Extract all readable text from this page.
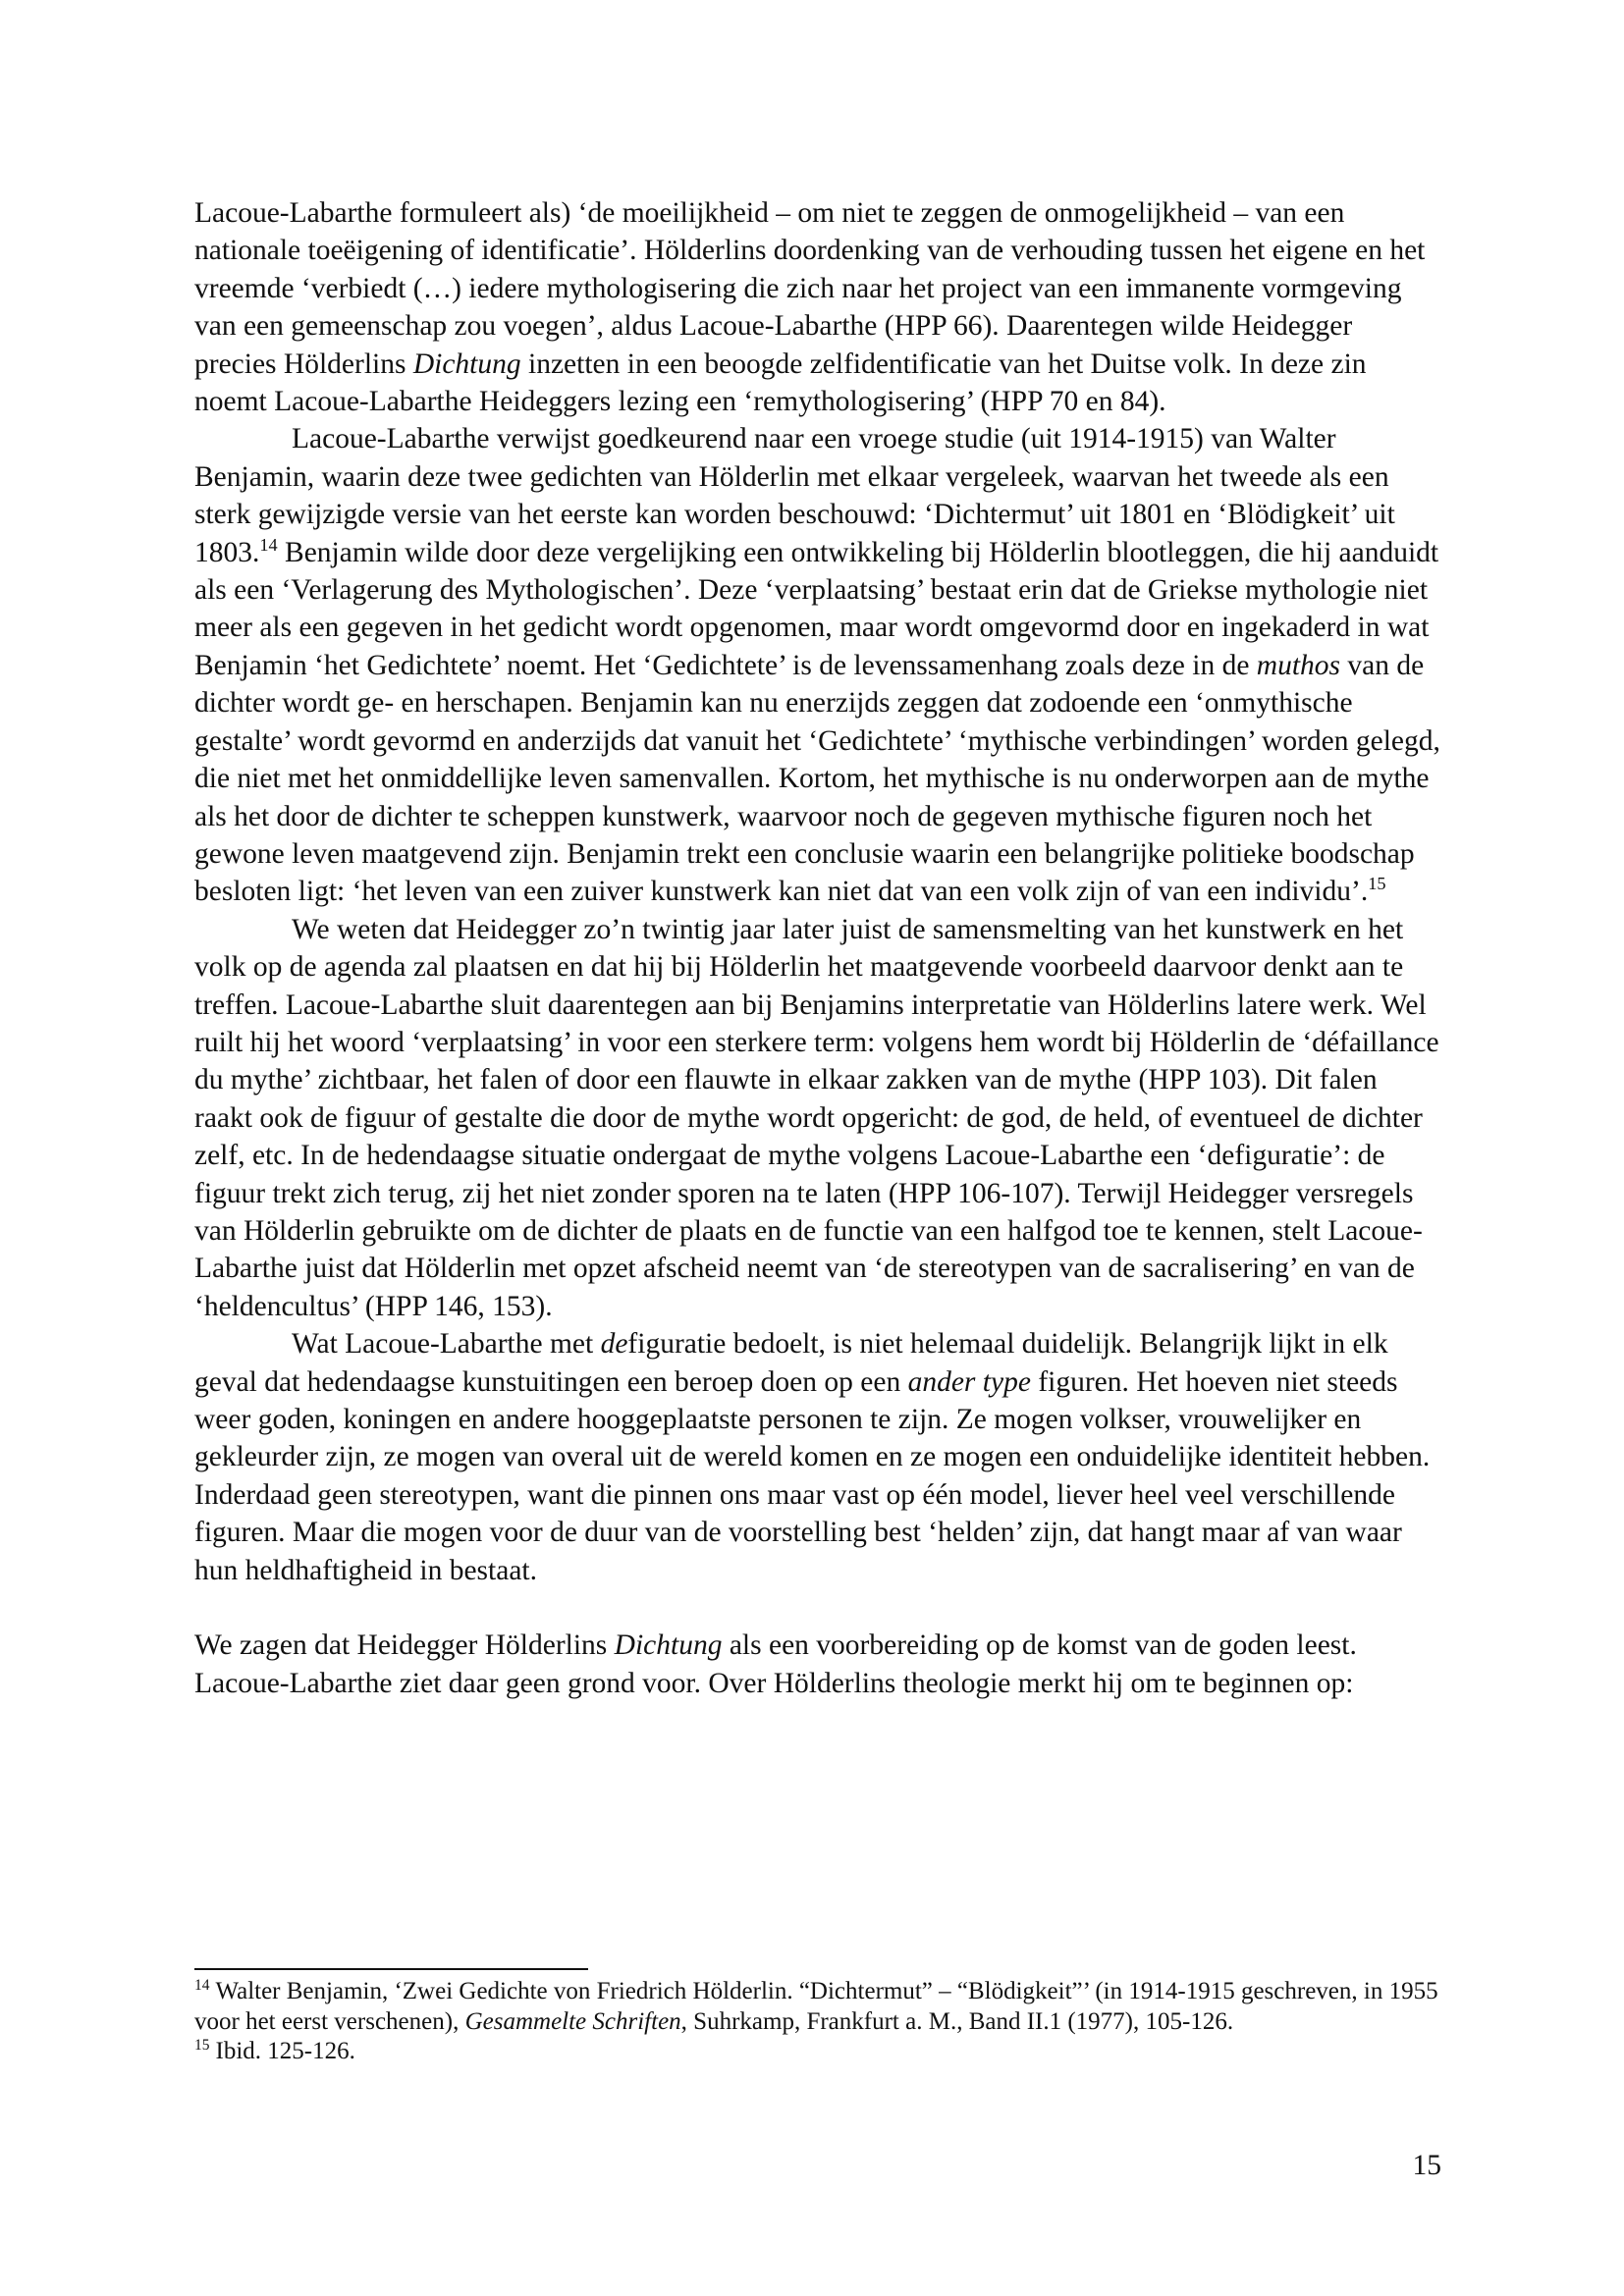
Lacoue-Labarthe formuleert als) ‘de moeilijkheid – om niet te zeggen de onmogelijkheid – van een nationale toeëigening of identificatie’. Hölderlins doordenking van de verhouding tussen het eigene en het vreemde ‘verbiedt (…) iedere mythologisering die zich naar het project van een immanente vormgeving van een gemeenschap zou voegen’, aldus Lacoue-Labarthe (HPP 66). Daarentegen wilde Heidegger precies Hölderlins Dichtung inzetten in een beoogde zelfidentificatie van het Duitse volk. In deze zin noemt Lacoue-Labarthe Heideggers lezing een ‘remythologisering’ (HPP 70 en 84).

Lacoue-Labarthe verwijst goedkeurend naar een vroege studie (uit 1914-1915) van Walter Benjamin, waarin deze twee gedichten van Hölderlin met elkaar vergeleek, waarvan het tweede als een sterk gewijzigde versie van het eerste kan worden beschouwd: ‘Dichtermut’ uit 1801 en ‘Blödigkeit’ uit 1803.14 Benjamin wilde door deze vergelijking een ontwikkeling bij Hölderlin blootleggen, die hij aanduidt als een ‘Verlagerung des Mythologischen’. Deze ‘verplaatsing’ bestaat erin dat de Griekse mythologie niet meer als een gegeven in het gedicht wordt opgenomen, maar wordt omgevormd door en ingekaderd in wat Benjamin ‘het Gedichtete’ noemt. Het ‘Gedichtete’ is de levenssamenhang zoals deze in de muthos van de dichter wordt ge- en herschapen. Benjamin kan nu enerzijds zeggen dat zodoende een ‘onmythische gestalte’ wordt gevormd en anderzijds dat vanuit het ‘Gedichtete’ ‘mythische verbindingen’ worden gelegd, die niet met het onmiddellijke leven samenvallen. Kortom, het mythische is nu onderworpen aan de mythe als het door de dichter te scheppen kunstwerk, waarvoor noch de gegeven mythische figuren noch het gewone leven maatgevend zijn. Benjamin trekt een conclusie waarin een belangrijke politieke boodschap besloten ligt: ‘het leven van een zuiver kunstwerk kan niet dat van een volk zijn of van een individu’.$^{15}$

We weten dat Heidegger zo’n twintig jaar later juist de samensmelting van het kunstwerk en het volk op de agenda zal plaatsen en dat hij bij Hölderlin het maatgevende voorbeeld daarvoor denkt aan te treffen. Lacoue-Labarthe sluit daarentegen aan bij Benjamins interpretatie van Hölderlins latere werk. Wel ruilt hij het woord ‘verplaatsing’ in voor een sterkere term: volgens hem wordt bij Hölderlin de ‘défaillance du mythe’ zichtbaar, het falen of door een flauwte in elkaar zakken van de mythe (HPP 103). Dit falen raakt ook de figuur of gestalte die door de mythe wordt opgericht: de god, de held, of eventueel de dichter zelf, etc. In de hedendaagse situatie ondergaat de mythe volgens Lacoue-Labarthe een ‘defiguratie’: de figuur trekt zich terug, zij het niet zonder sporen na te laten (HPP 106-107). Terwijl Heidegger versregels van Hölderlin gebruikte om de dichter de plaats en de functie van een halfgod toe te kennen, stelt Lacoue-Labarthe juist dat Hölderlin met opzet afscheid neemt van ‘de stereotypen van de sacralisering’ en van de ‘heldencultus’ (HPP 146, 153).

Wat Lacoue-Labarthe met defiguratie bedoelt, is niet helemaal duidelijk. Belangrijk lijkt in elk geval dat hedendaagse kunstuitingen een beroep doen op een ander type figuren. Het hoeven niet steeds weer goden, koningen en andere hooggeplaatste personen te zijn. Ze mogen volkser, vrouwelijker en gekleurder zijn, ze mogen van overal uit de wereld komen en ze mogen een onduidelijke identiteit hebben. Inderdaad geen stereotypen, want die pinnen ons maar vast op één model, liever heel veel verschillende figuren. Maar die mogen voor de duur van de voorstelling best ‘helden’ zijn, dat hangt maar af van waar hun heldhaftigheid in bestaat.

We zagen dat Heidegger Hölderlins Dichtung als een voorbereiding op de komst van de goden leest. Lacoue-Labarthe ziet daar geen grond voor. Over Hölderlins theologie merkt hij om te beginnen op:

$^{14}$ Walter Benjamin, ‘Zwei Gedichte von Friedrich Hölderlin. “Dichtermut” – “Blödigkeit”’ (in 1914-1915 geschreven, in 1955 voor het eerst verschenen), Gesammelte Schriften, Suhrkamp, Frankfurt a. M., Band II.1 (1977), 105-126.

$^{15}$ Ibid. 125-126.

15
